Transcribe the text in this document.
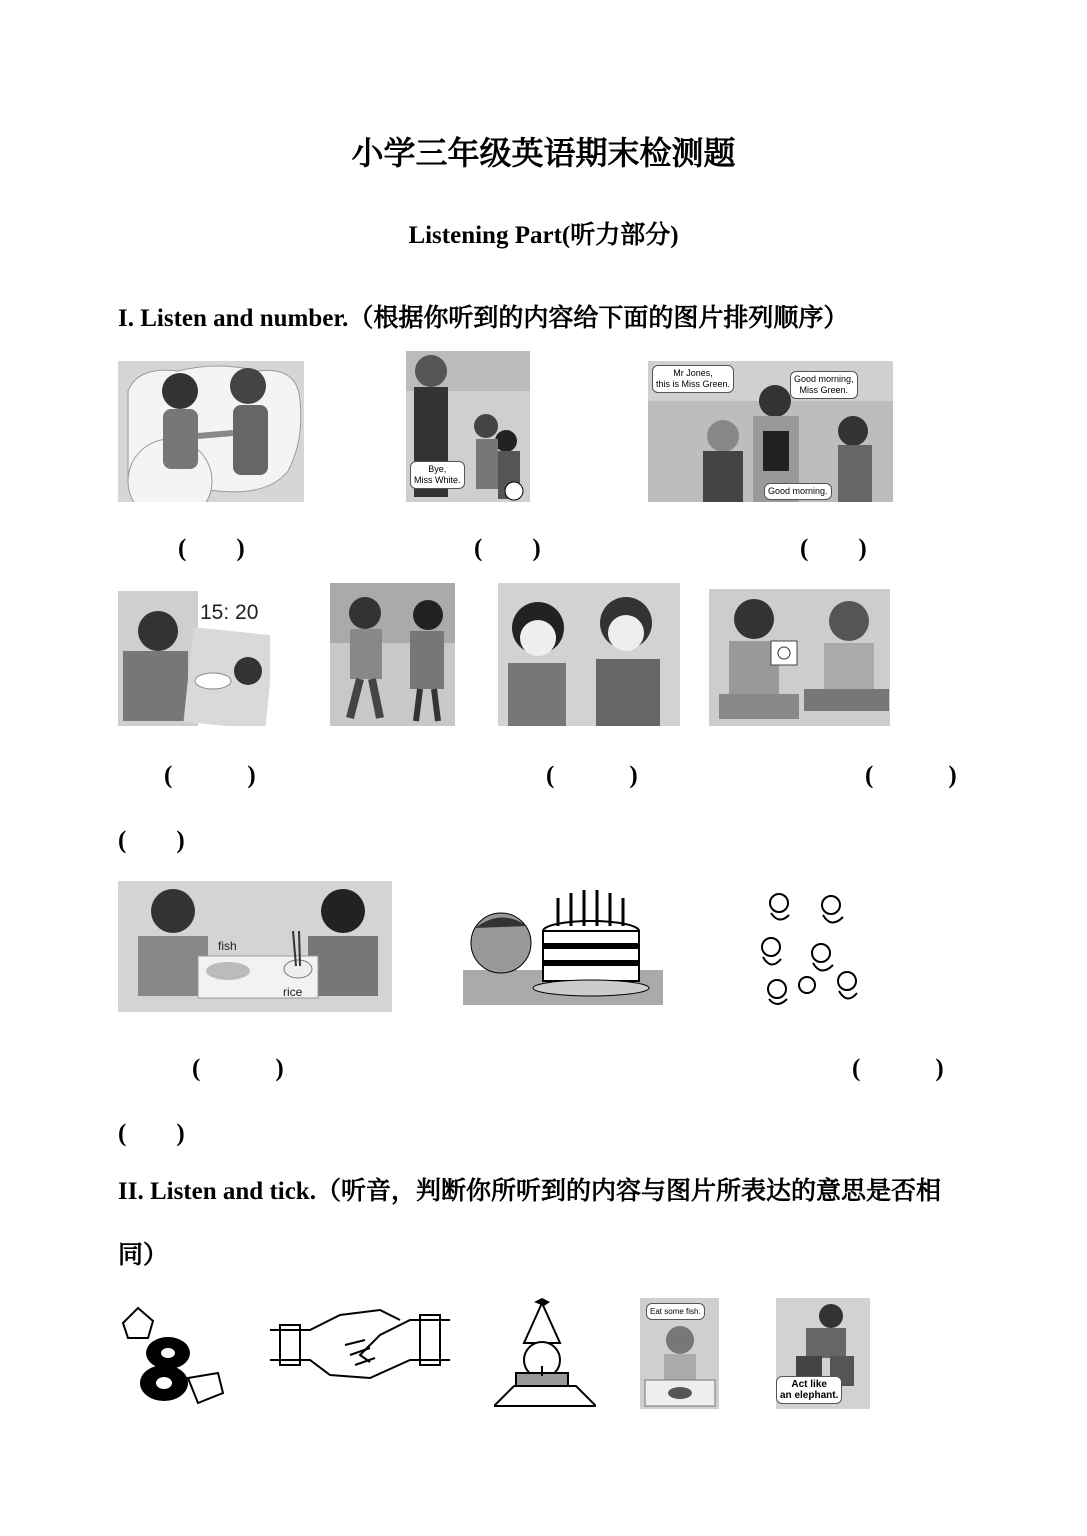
小学三年级英语期末检测题
Listening Part(听力部分)
I. Listen and number.（根据你听到的内容给下面的图片排列顺序）
Bye,
Miss White.
Mr Jones,
this is Miss Green.	Good morning,
Miss Green.
Good morning.
(　　)	(　　)	(　　)
15: 20
(　　　)	(　　　)	(　　　)
(　　)
fish
rice
(　　　)	(　　　)
(　　)
II. Listen and tick.（听音，判断你所听到的内容与图片所表达的意思是否相同）
Eat some fish.
Act like
an elephant.
